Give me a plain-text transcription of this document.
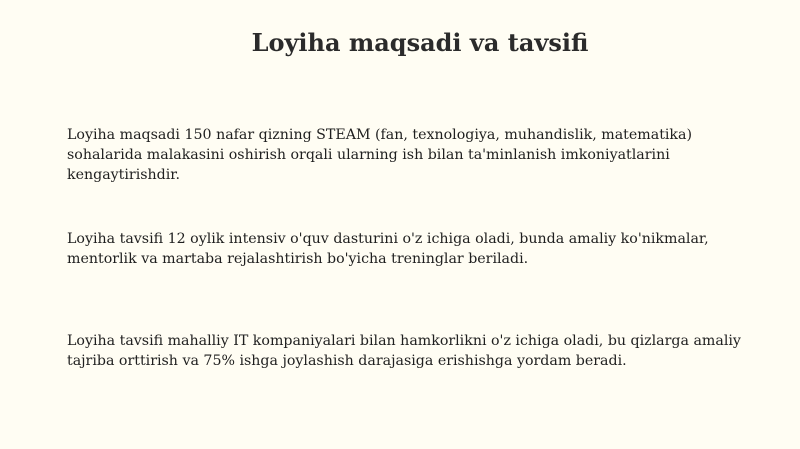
Loyiha maqsadi va tavsifi

Loyiha maqsadi 150 nafar qizning STEAM (fan, texnologiya, muhandislik, matematika) sohalarida malakasini oshirish orqali ularning ish bilan ta'minlanish imkoniyatlarini kengaytirishdir.

Loyiha tavsifi 12 oylik intensiv o'quv dasturini o'z ichiga oladi, bunda amaliy ko'nikmalar, mentorlik va martaba rejalashtirish bo'yicha treninglar beriladi.

Loyiha tavsifi mahalliy IT kompaniyalari bilan hamkorlikni o'z ichiga oladi, bu qizlarga amaliy tajriba orttirish va 75% ishga joylashish darajasiga erishishga yordam beradi.
